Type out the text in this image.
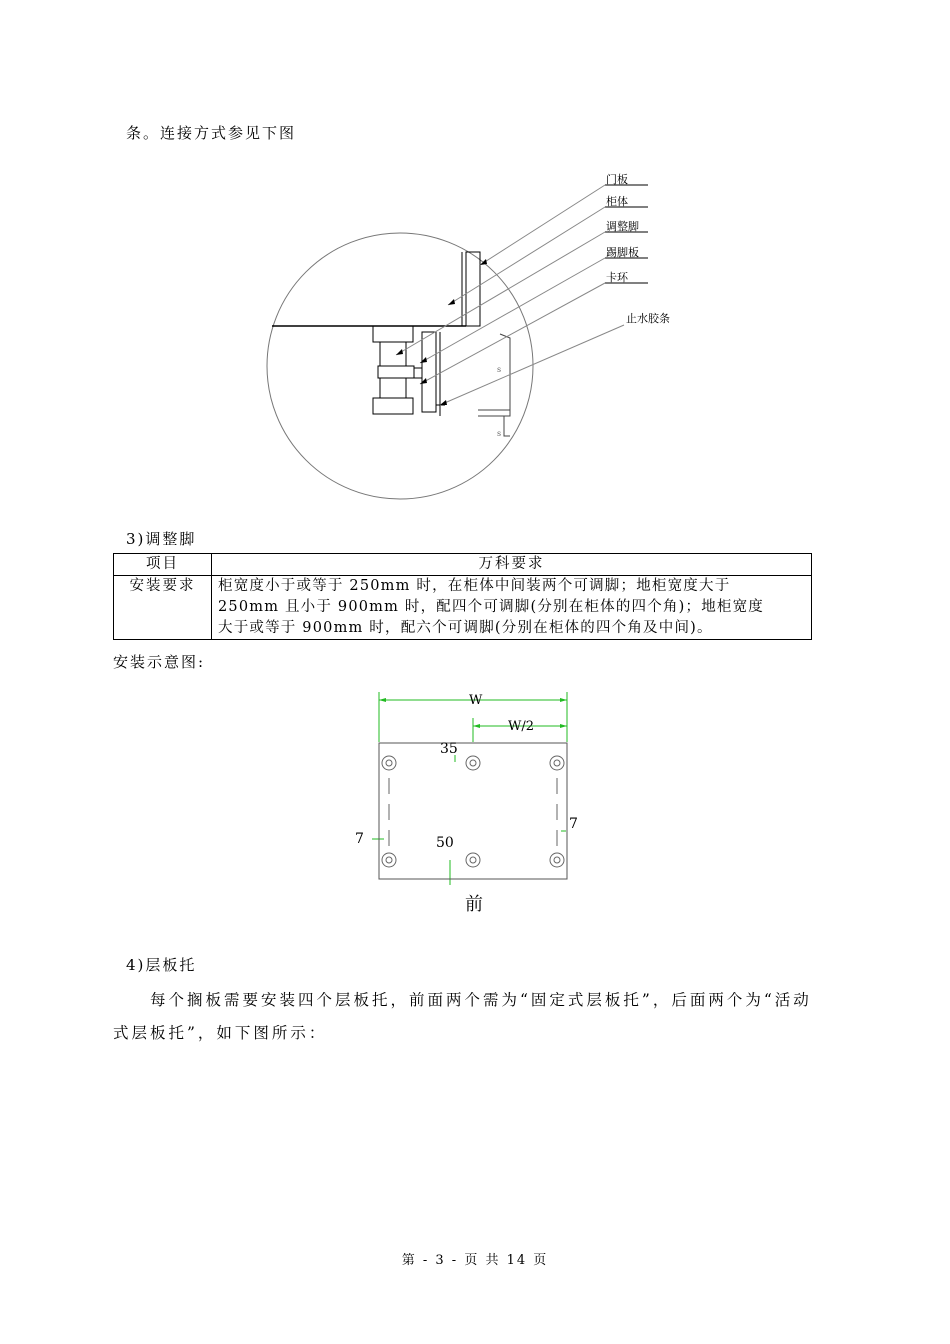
条。连接方式参见下图
s
s
门板
柜体
调整脚
踢脚板
卡环
止水胶条
3)调整脚
项目	万科要求
安装要求	柜宽度小于或等于 250mm 时，在柜体中间装两个可调脚；地柜宽度大于
250mm 且小于 900mm 时，配四个可调脚(分别在柜体的四个角)；地柜宽度
大于或等于 900mm 时，配六个可调脚(分别在柜体的四个角及中间)。
安装示意图:
W
W/2
35
7
7
50
前
4)层板托
每个搁板需要安装四个层板托，前面两个需为“固定式层板托”，后面两个为“活动
式层板托”，如下图所示：
第 - 3 - 页 共 14 页
